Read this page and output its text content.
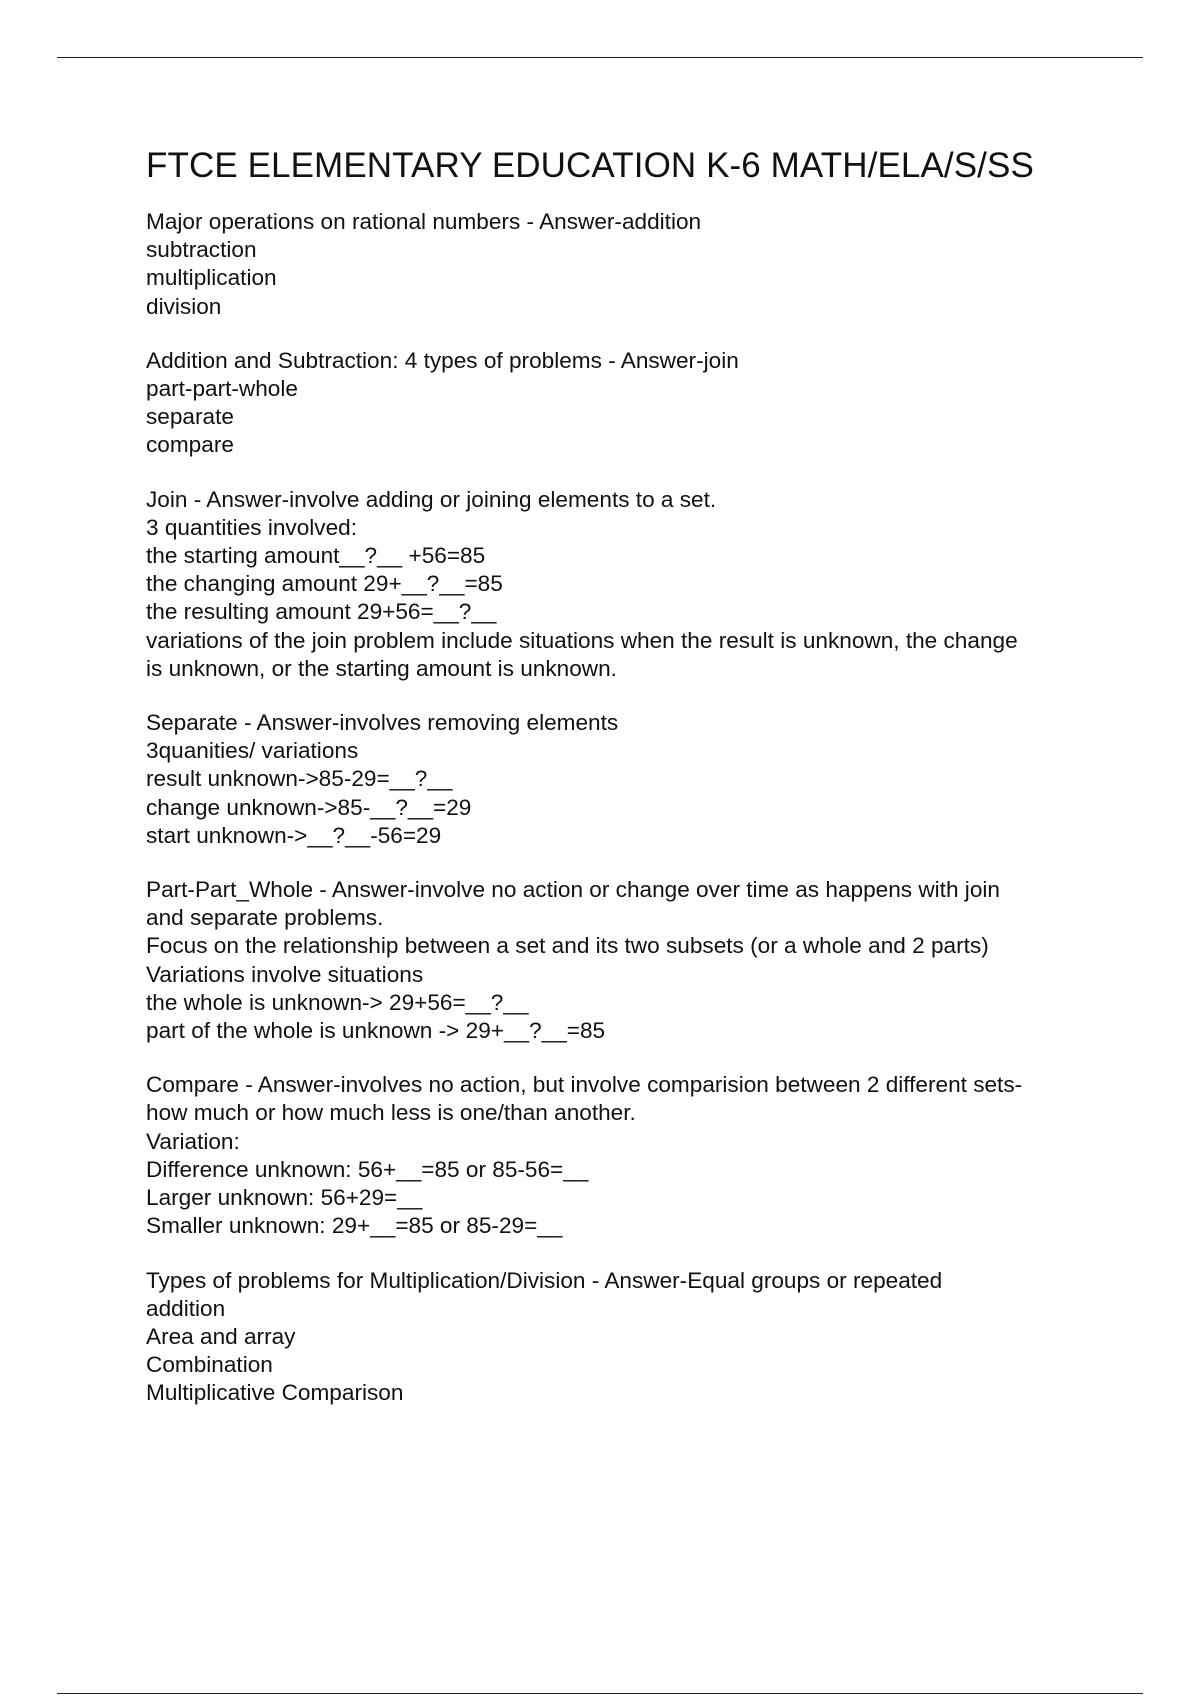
FTCE ELEMENTARY EDUCATION K-6 MATH/ELA/S/SS
Major operations on rational numbers - Answer-addition
subtraction
multiplication
division
Addition and Subtraction: 4 types of problems - Answer-join
part-part-whole
separate
compare
Join - Answer-involve adding or joining elements to a set.
3 quantities involved:
the starting amount__?__ +56=85
the changing amount 29+__?__=85
the resulting amount 29+56=__?__
variations of the join problem include situations when the result is unknown, the change
is unknown, or the starting amount is unknown.
Separate - Answer-involves removing elements
3quanities/ variations
result unknown->85-29=__?__
change unknown->85-__?__=29
start unknown->__?__-56=29
Part-Part_Whole - Answer-involve no action or change over time as happens with join
and separate problems.
Focus on the relationship between a set and its two subsets (or a whole and 2 parts)
Variations involve situations
the whole is unknown-> 29+56=__?__
part of the whole is unknown -> 29+__?__=85
Compare - Answer-involves no action, but involve comparision between 2 different sets-
how much or how much less is one/than another.
Variation:
Difference unknown: 56+__=85 or 85-56=__
Larger unknown: 56+29=__
Smaller unknown: 29+__=85 or 85-29=__
Types of problems for Multiplication/Division - Answer-Equal groups or repeated
addition
Area and array
Combination
Multiplicative Comparison
